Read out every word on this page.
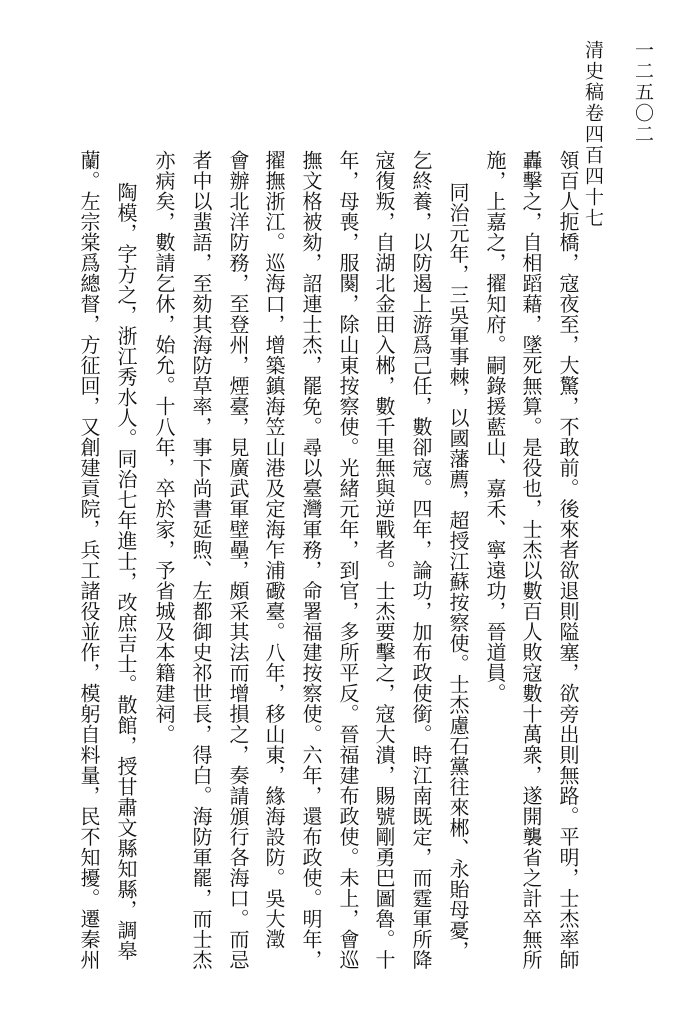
清史稿卷四百四十七 一二五〇二
領百人扼橋，寇夜至，大驚，不敢前。後來者欲退則隘塞，欲旁出則無路。平明，士杰率師
轟擊之，自相蹈藉，墜死無算。是役也，士杰以數百人敗寇數十萬衆，遂開襲省之計卒無所
施，上嘉之，擢知府。嗣錄援藍山、嘉禾、寧遠功，晉道員。
同治元年，三吳軍事棘，以國藩薦，超授江蘇按察使。士杰慮石黨往來郴、永貽母憂，
乞終養，以防遏上游爲己任，數卻寇。四年，論功，加布政使銜。時江南既定，而霆軍所降
寇復叛，自湖北金田入郴，數千里無與逆戰者。士杰要擊之，寇大潰，賜號剛勇巴圖魯。十
年，母喪，服闋，除山東按察使。光緒元年，到官，多所平反。晉福建布政使。未上，會巡
撫文格被劾，詔連士杰，罷免。尋以臺灣軍務，命署福建按察使。六年，還布政使。明年，
擢撫浙江。巡海口，增築鎮海笠山港及定海乍浦礮臺。八年，移山東，緣海設防。吳大澂
會辦北洋防務，至登州，煙臺，見廣武軍壁壘，頗采其法而增損之，奏請頒行各海口。而忌
者中以蜚語，至劾其海防草率，事下尚書延煦、左都御史祁世長，得白。海防軍罷，而士杰
亦病矣，數請乞休，始允。十八年，卒於家，予省城及本籍建祠。
陶模，字方之，浙江秀水人。同治七年進士，改庶吉士。散館，授甘肅文縣知縣，調皋
蘭。左宗棠爲總督，方征回，又創建貢院，兵工諸役並作，模躬自料量，民不知擾。遷秦州
